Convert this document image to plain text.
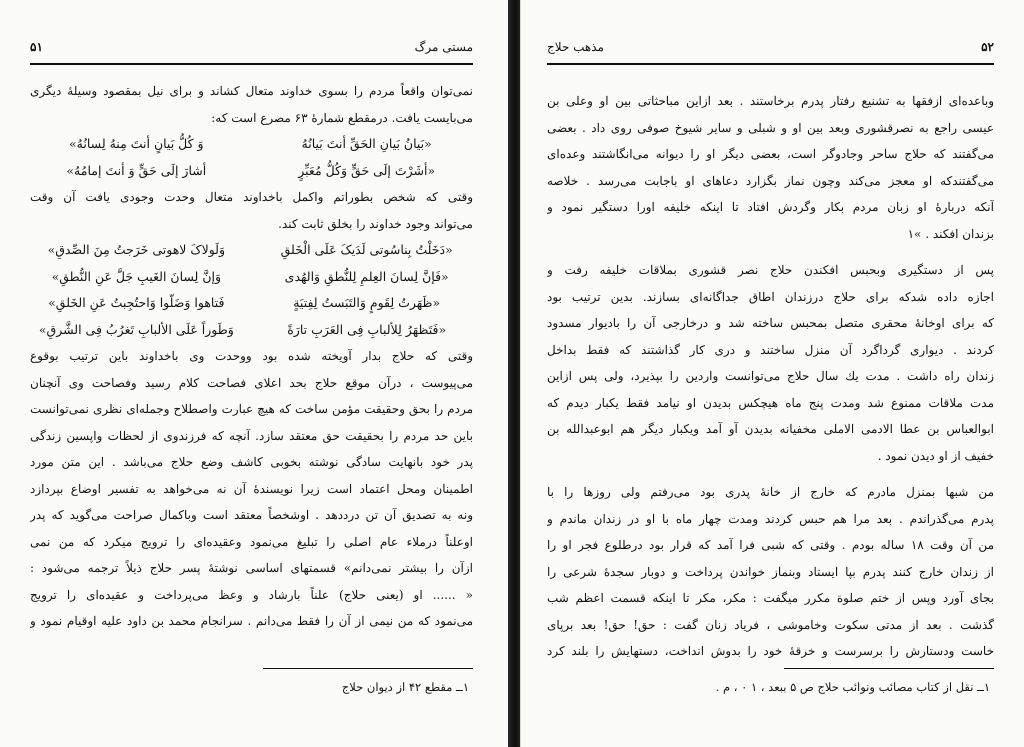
۵۱	مستی مرگ
نمی‌توان واقعاً مردم را بسوی خداوند متعال کشاند و برای نیل بمقصود وسیلهٔ دیگری
می‌بایست یافت. درمقطع شمارهٔ ۶۳ مصرع است که:
«بَیانُ بَیانِ الحَقِّ أنتَ بَیانُهُ
وَ کُلُّ بَیانٍ أنتَ مِنهُ لِسانُهُ»
«أشَرْتَ إلَی حَقٍّ وَکُلُّ مُعَبِّرٍ
أشارَ إلَی حَقٍّ وَ أنتَ إمامُهُ»
وقتی که شخص بطوراتم واکمل باخداوند متعال وحدت وجودی یافت آن وقت
می‌تواند وجود خداوند را بخلق ثابت کند.
«دَخَلْتُ بِناسُوتی لَدَیکَ عَلَی الْخَلقِ
وَلَولاکَ لاهوتی خَرَجتُ مِنَ الصِّدقِ»
«فَإنَّ لِسانَ العِلمِ لِلنُّطقِ وَالهُدی
وَإنَّ لِسانَ الغَیبِ جَلَّ عَنِ النُّطقِ»
«ظَهَرتُ لِقَومٍ وَالتَبَستُ لِفِتیَةٍ
فَتاهوا وَضَلّوا وَاحتُجِبتُ عَنِ الخَلقِ»
«فَتَظهَرُ لِلألبابِ فِی العَرَبِ تارَةً
وَطَوراً عَلَی الألبابِ تَغرُبُ فِی الشَّرقِ»
وقتی که حلاج بدار آویخته شده بود ووحدت وی باخداوند باین ترتیب بوقوع
می‌پیوست ، درآن موقع حلاج بحد اعلای فصاحت کلام رسید وفصاحت وی آنچنان
مردم را بحق وحقیقت مؤمن ساخت که هیچ عبارت واصطلاح وجمله‌ای نظری نمی‌توانست
باین حد مردم را بحقیقت حق معتقد سازد. آنچه که فرزندوی از لحظات واپسین زندگی
پدر خود بانهایت سادگی نوشته بخوبی کاشف وضع حلاج می‌باشد . این متن مورد
اطمینان ومحل اعتماد است زیرا نویسندهٔ آن نه می‌خواهد به تفسیر اوضاع بپردازد
ونه به تصدیق آن تن درددهد . اوشخصاً معتقد است وباکمال صراحت می‌گوید که پدر
اوعلناً درملاء عام اصلی را تبلیغ می‌نمود وعقیده‌ای را ترویج میکرد که من نمی
ازآن را بیشتر نمی‌دانم» قسمتهای اساسی نوشتهٔ پسر حلاج ذیلاً ترجمه می‌شود :
« ...... او (یعنی حلاج) علناً بارشاد و وعظ می‌پرداخت و عقیده‌ای را ترویج
می‌نمود که من نیمی از آن را فقط می‌دانم . سرانجام محمد بن داود علیه اوقیام نمود و
۱ــ مقطع ۴۲ از دیوان حلاج
۵۲
مذهب حلاج
وباعده‌ای ازفقها به تشنیع رفتار پدرم برخاستند . بعد ازاین مباحثاتی بین او وعلی بن
عیسی راجع به نصرقشوری وبعد بین او و شبلی و سایر شیوخ صوفی روی داد . بعضی
می‌گفتند که حلاج ساحر وجادوگر است، بعضی دیگر او را دیوانه می‌انگاشتند وعده‌ای
می‌گفتندکه او معجز می‌کند وچون نماز بگزارد دعاهای او باجابت می‌رسد . خلاصه
آنکه دربارهٔ او زبان مردم بکار وگردش افتاد تا اینکه خلیفه اورا دستگیر نمود و
بزندان افکند . »۱
پس از دستگیری وبحبس افکندن حلاج نصر قشوری بملاقات خلیفه رفت و
اجازه داده شدکه برای حلاج درزندان اطاق جداگانه‌ای بسازند. بدین ترتیب بود
که برای اوخانهٔ محقری متصل بمحبس ساخته شد و درخارجی آن را بادیوار مسدود
کردند . دیواری گرداگرد آن منزل ساختند و دری کار گذاشتند که فقط بداخل
زندان راه داشت . مدت یك سال حلاج می‌توانست واردین را بپذیرد، ولی پس ازاین
مدت ملاقات ممنوع شد ومدت پنج ماه هیچکس بدیدن او نیامد فقط یکبار دیدم که
ابوالعباس بن عطا الادمی الاملی مخفیانه بدیدن آو آمد ویکبار دیگر هم ابوعبدالله بن
خفیف از او دیدن نمود .
من شبها بمنزل مادرم که خارج از خانهٔ پدری بود می‌رفتم ولی روزها را با
پدرم می‌گذراندم . بعد مرا هم حبس کردند ومدت چهار ماه با او در زندان ماندم و
من آن وقت ۱۸ ساله بودم . وقتی که شبی فرا آمد که قرار بود درطلوع فجر او را
از زندان خارج کنند پدرم بپا ایستاد وبنماز خواندن پرداخت و دوبار سجدهٔ شرعی را
بجای آورد وپس از ختم صلوة مکرر میگفت : مکر، مکر تا اینکه قسمت اعظم شب
گذشت . بعد از مدتی سکوت وخاموشی ، فریاد زنان گفت : حق! حق! بعد برپای
خاست ودستارش را برسرست و خرقهٔ خود را بدوش انداخت، دستهایش را بلند کرد
۱ــ نقل از کتاب مصائب ونوائب حلاج ص ۵ ببعد ، ۱ ۰ ، م .
